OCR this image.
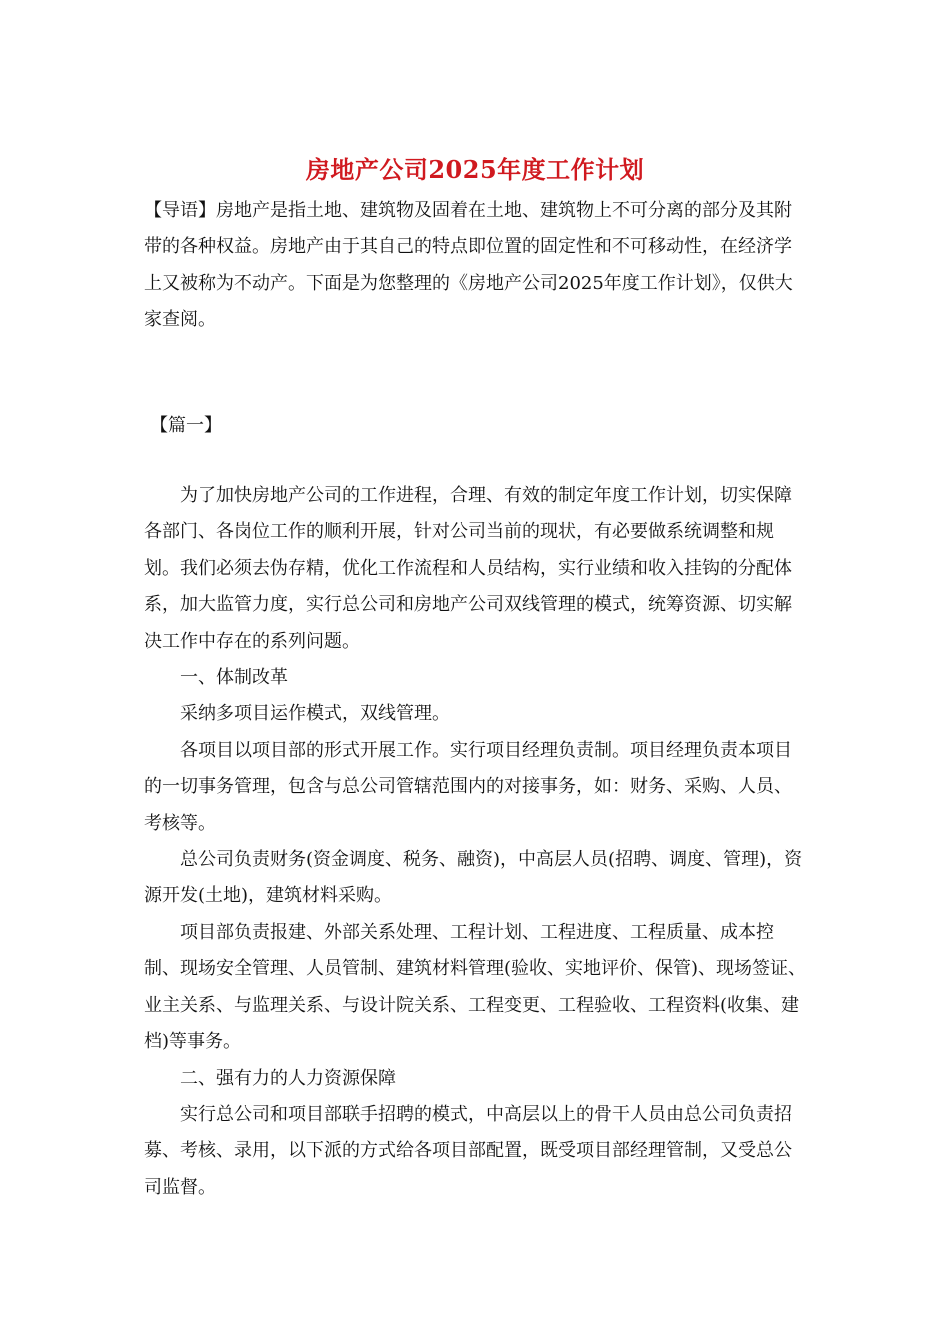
房地产公司2025年度工作计划

【导语】房地产是指土地、建筑物及固着在土地、建筑物上不可分离的部分及其附带的各种权益。房地产由于其自己的特点即位置的固定性和不可移动性，在经济学上又被称为不动产。下面是为您整理的《房地产公司2025年度工作计划》，仅供大家查阅。

【篇一】

为了加快房地产公司的工作进程，合理、有效的制定年度工作计划，切实保障各部门、各岗位工作的顺利开展，针对公司当前的现状，有必要做系统调整和规划。我们必须去伪存精，优化工作流程和人员结构，实行业绩和收入挂钩的分配体系，加大监管力度，实行总公司和房地产公司双线管理的模式，统筹资源、切实解决工作中存在的系列问题。

一、体制改革

采纳多项目运作模式，双线管理。

各项目以项目部的形式开展工作。实行项目经理负责制。项目经理负责本项目的一切事务管理，包含与总公司管辖范围内的对接事务，如：财务、采购、人员、考核等。

总公司负责财务(资金调度、税务、融资)，中高层人员(招聘、调度、管理)，资源开发(土地)，建筑材料采购。

项目部负责报建、外部关系处理、工程计划、工程进度、工程质量、成本控制、现场安全管理、人员管制、建筑材料管理(验收、实地评价、保管)、现场签证、业主关系、与监理关系、与设计院关系、工程变更、工程验收、工程资料(收集、建档)等事务。

二、强有力的人力资源保障

实行总公司和项目部联手招聘的模式，中高层以上的骨干人员由总公司负责招募、考核、录用，以下派的方式给各项目部配置，既受项目部经理管制，又受总公司监督。
